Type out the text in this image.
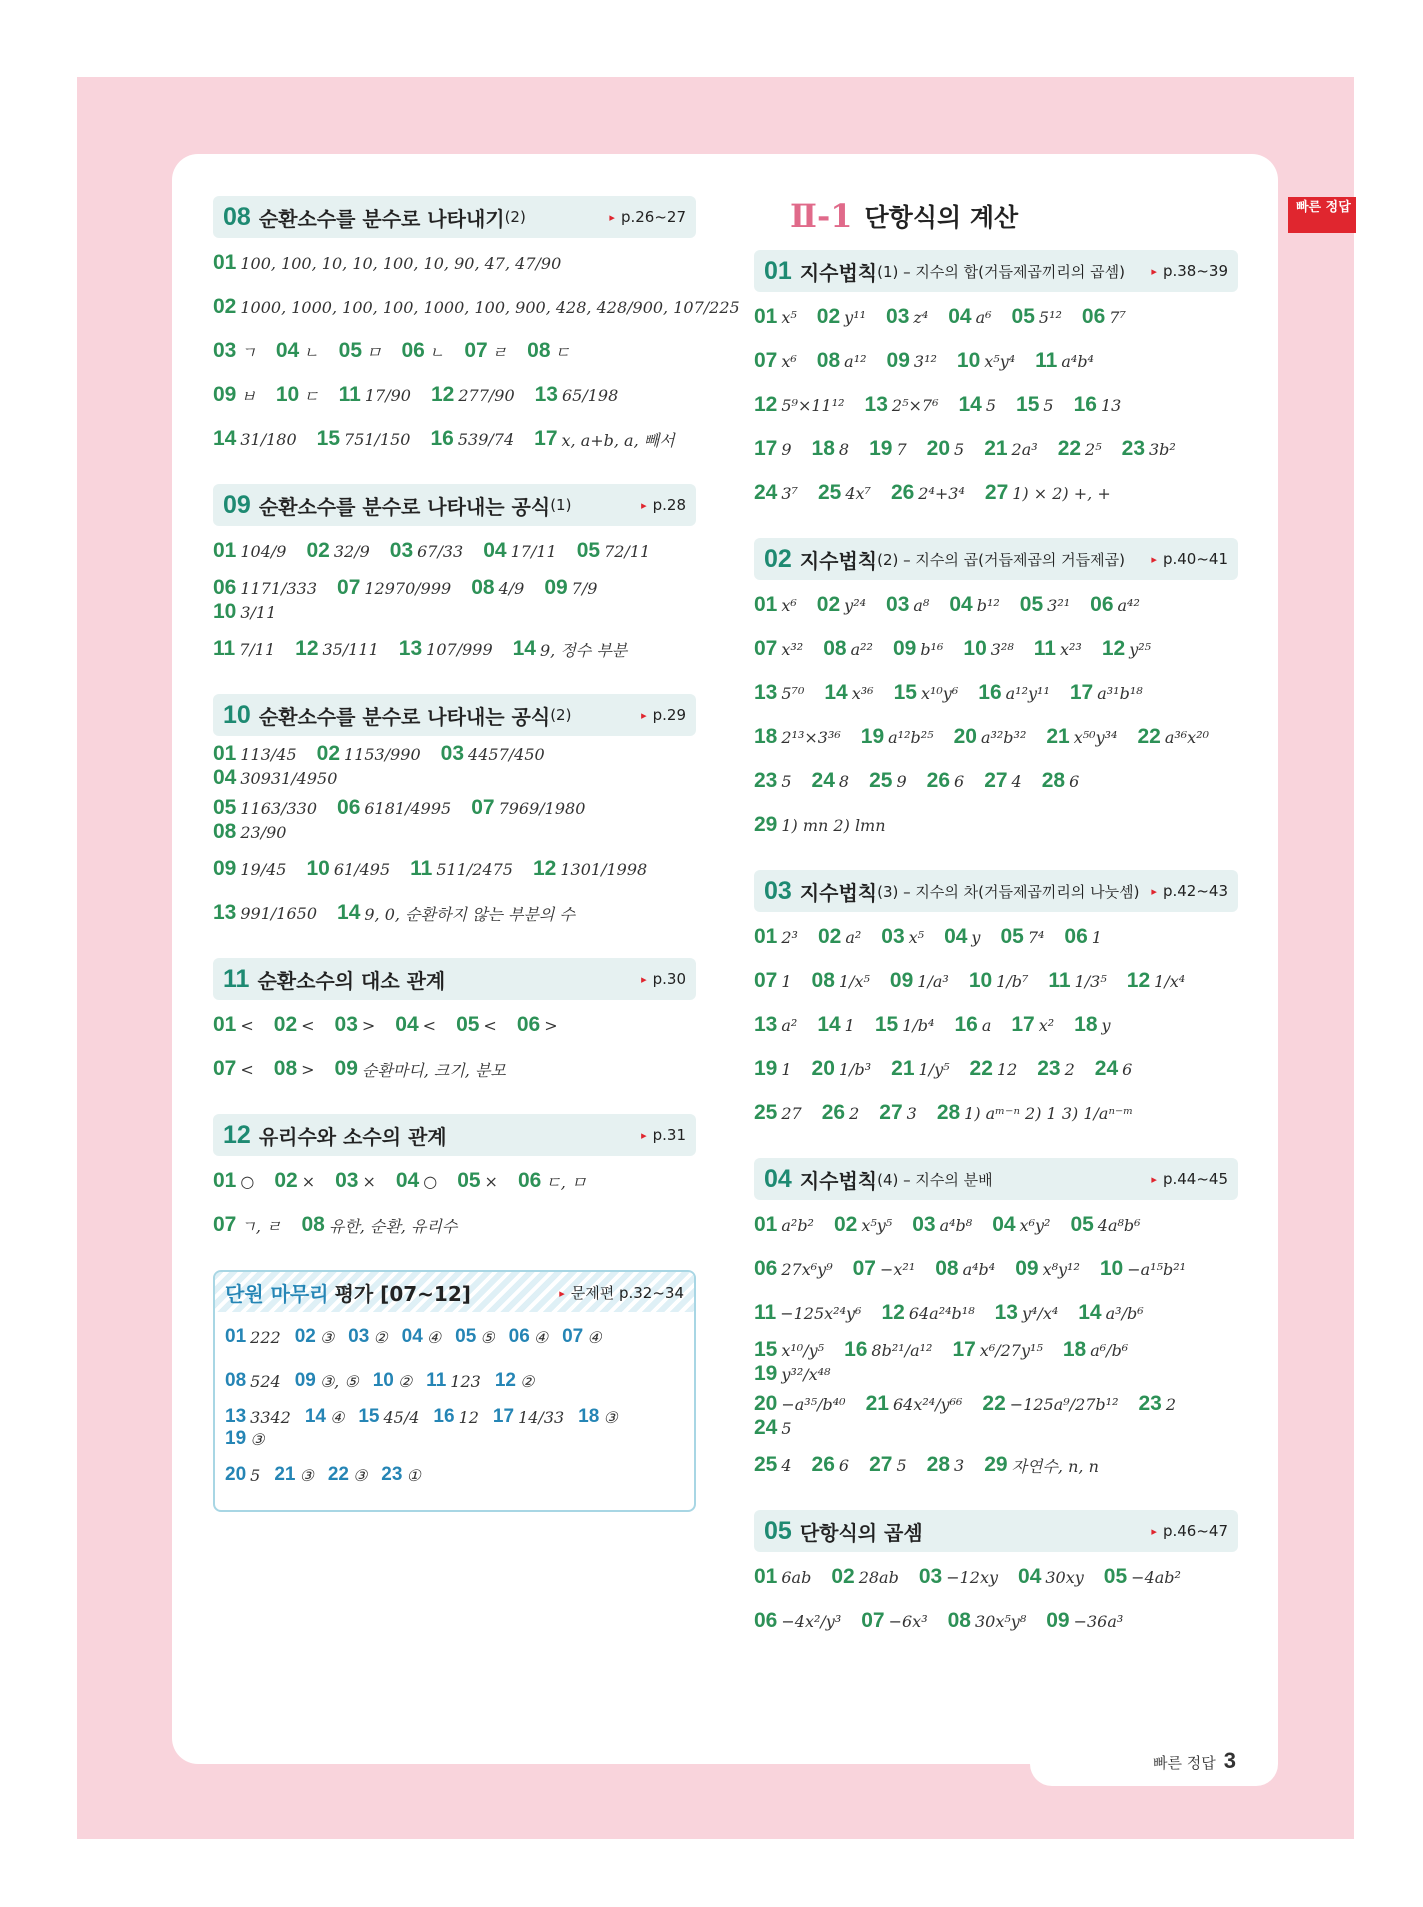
빠른 정답
08 순환소수를 분수로 나타내기 (2)	▸ p.26~27
01 100, 100, 10, 10, 100, 10, 90, 47, 47/90
02 1000, 1000, 100, 100, 1000, 100, 900, 428, 428/900, 107/225
03 ㄱ 04 ㄴ 05 ㅁ 06 ㄴ 07 ㄹ 08 ㄷ
09 ㅂ 10 ㄷ 11 17/90 12 277/90 13 65/198
14 31/180 15 751/150 16 539/74 17 x, a+b, a, 빼서
09 순환소수를 분수로 나타내는 공식 (1)	▸ p.28
01 104/9 02 32/9 03 67/33 04 17/11 05 72/11
06 1171/333 07 12970/999 08 4/9 09 7/9
10 3/11
11 7/11 12 35/111 13 107/999 14 9, 정수 부분
10 순환소수를 분수로 나타내는 공식 (2)	▸ p.29
01 113/45 02 1153/990 03 4457/450
04 30931/4950
05 1163/330 06 6181/4995 07 7969/1980
08 23/90
09 19/45 10 61/495 11 511/2475 12 1301/1998
13 991/1650 14 9, 0, 순환하지 않는 부분의 수
11 순환소수의 대소 관계	▸ p.30
01 < 02 < 03 > 04 < 05 < 06 >
07 < 08 > 09 순환마디, 크기, 분모
12 유리수와 소수의 관계	▸ p.31
01 ○ 02 × 03 × 04 ○ 05 × 06 ㄷ, ㅁ
07 ㄱ, ㄹ 08 유한, 순환, 유리수
단원 마무리 평가 [07~12]	▸ 문제편 p.32~34
01 222 02 ③ 03 ② 04 ④ 05 ⑤ 06 ④ 07 ④
08 524 09 ③, ⑤ 10 ② 11 123 12 ②
13 3342 14 ④ 15 45/4 16 12 17 14/33 18 ③
19 ③
20 5 21 ③ 22 ③ 23 ①
Ⅱ-1 단항식의 계산
01 지수법칙 (1) – 지수의 합(거듭제곱끼리의 곱셈)	▸ p.38~39
01 x⁵ 02 y¹¹ 03 z⁴ 04 a⁶ 05 5¹² 06 7⁷
07 x⁶ 08 a¹² 09 3¹² 10 x⁵y⁴ 11 a⁴b⁴
12 5⁹×11¹² 13 2⁵×7⁶ 14 5 15 5 16 13
17 9 18 8 19 7 20 5 21 2a³ 22 2⁵ 23 3b²
24 3⁷ 25 4x⁷ 26 2⁴+3⁴ 27 1) × 2) +, +
02 지수법칙 (2) – 지수의 곱(거듭제곱의 거듭제곱)	▸ p.40~41
01 x⁶ 02 y²⁴ 03 a⁸ 04 b¹² 05 3²¹ 06 a⁴²
07 x³² 08 a²² 09 b¹⁶ 10 3²⁸ 11 x²³ 12 y²⁵
13 5⁷⁰ 14 x³⁶ 15 x¹⁰y⁶ 16 a¹²y¹¹ 17 a³¹b¹⁸
18 2¹³×3³⁶ 19 a¹²b²⁵ 20 a³²b³² 21 x⁵⁰y³⁴ 22 a³⁶x²⁰
23 5 24 8 25 9 26 6 27 4 28 6
29 1) mn 2) lmn
03 지수법칙 (3) – 지수의 차(거듭제곱끼리의 나눗셈)	▸ p.42~43
01 2³ 02 a² 03 x⁵ 04 y 05 7⁴ 06 1
07 1 08 1/x⁵ 09 1/a³ 10 1/b⁷ 11 1/3⁵ 12 1/x⁴
13 a² 14 1 15 1/b⁴ 16 a 17 x² 18 y
19 1 20 1/b³ 21 1/y⁵ 22 12 23 2 24 6
25 27 26 2 27 3 28 1) aᵐ⁻ⁿ 2) 1 3) 1/aⁿ⁻ᵐ
04 지수법칙 (4) – 지수의 분배	▸ p.44~45
01 a²b² 02 x⁵y⁵ 03 a⁴b⁸ 04 x⁶y² 05 4a⁸b⁶
06 27x⁶y⁹ 07 −x²¹ 08 a⁴b⁴ 09 x⁸y¹² 10 −a¹⁵b²¹
11 −125x²⁴y⁶ 12 64a²⁴b¹⁸ 13 y⁴/x⁴ 14 a³/b⁶
15 x¹⁰/y⁵ 16 8b²¹/a¹² 17 x⁶/27y¹⁵ 18 a⁶/b⁶
19 y³²/x⁴⁸
20 −a³⁵/b⁴⁰ 21 64x²⁴/y⁶⁶ 22 −125a⁹/27b¹² 23 2
24 5
25 4 26 6 27 5 28 3 29 자연수, n, n
05 단항식의 곱셈	▸ p.46~47
01 6ab 02 28ab 03 −12xy 04 30xy 05 −4ab²
06 −4x²/y³ 07 −6x³ 08 30x⁵y⁸ 09 −36a³
빠른 정답 3
